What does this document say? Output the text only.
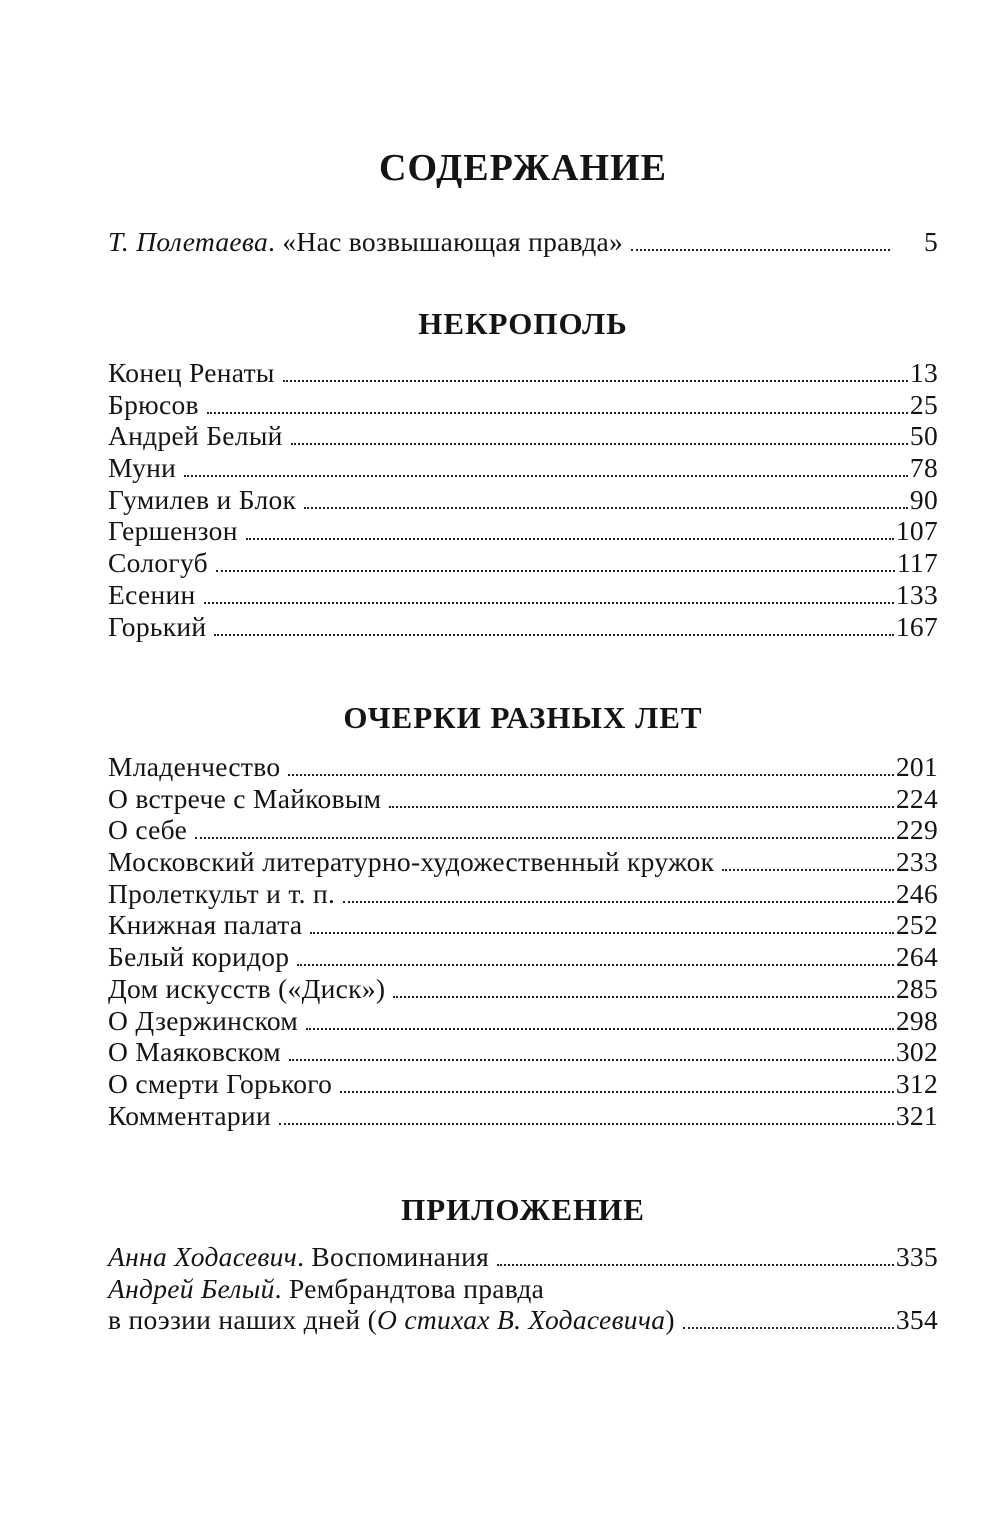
СОДЕРЖАНИЕ
Т. Полетаева. «Нас возвышающая правда»	5
НЕКРОПОЛЬ
Конец Ренаты	13
Брюсов	25
Андрей Белый	50
Муни	78
Гумилев и Блок	90
Гершензон	107
Сологуб	117
Есенин	133
Горький	167
ОЧЕРКИ РАЗНЫХ ЛЕТ
Младенчество	201
О встрече с Майковым	224
О себе	229
Московский литературно-художественный кружок	233
Пролеткульт и т. п.	246
Книжная палата	252
Белый коридор	264
Дом искусств («Диск»)	285
О Дзержинском	298
О Маяковском	302
О смерти Горького	312
Комментарии	321
ПРИЛОЖЕНИЕ
Анна Ходасевич. Воспоминания	335
Андрей Белый. Рембрандтова правда
в поэзии наших дней (О стихах В. Ходасевича)	354
